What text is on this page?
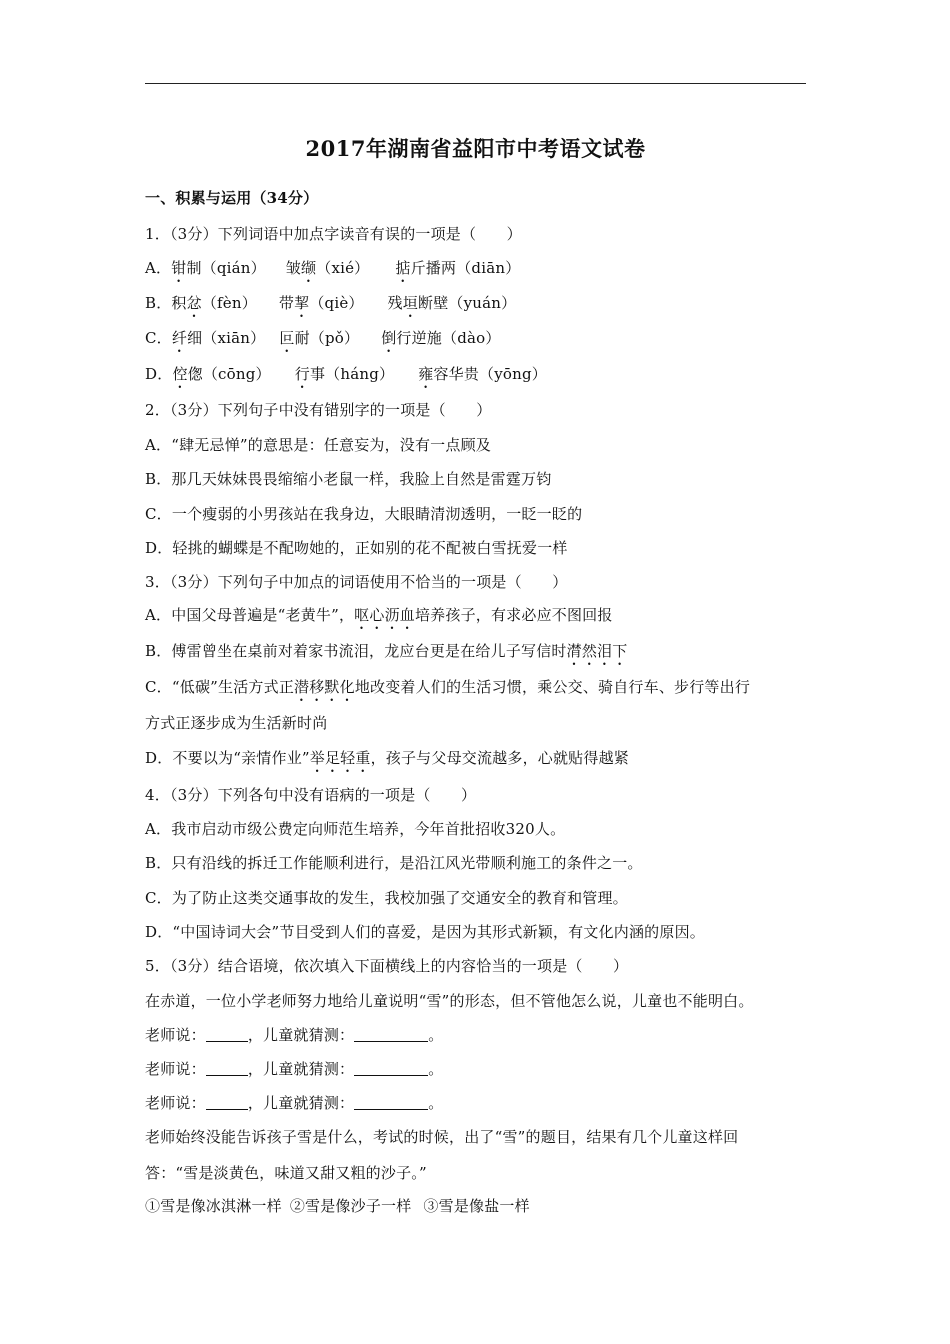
2017年湖南省益阳市中考语文试卷
一、积累与运用（34分）
1．（3分）下列词语中加点字读音有误的一项是（　　）
A．钳制（qián） 皱缬（xié） 掂斤播两（diān）
B．积忿（fèn） 带挈（qiè） 残垣断壁（yuán）
C．纤细（xiān） 叵耐（pǒ） 倒行逆施（dào）
D．倥偬（cōng） 行事（háng） 雍容华贵（yōng）
2．（3分）下列句子中没有错别字的一项是（　　）
A．“肆无忌惮”的意思是：任意妄为，没有一点顾及
B．那几天妹妹畏畏缩缩小老鼠一样，我脸上自然是雷霆万钧
C．一个瘦弱的小男孩站在我身边，大眼睛清沏透明，一眨一眨的
D．轻挑的蝴蝶是不配吻她的，正如别的花不配被白雪抚爱一样
3．（3分）下列句子中加点的词语使用不恰当的一项是（　　）
A．中国父母普遍是“老黄牛”，呕心沥血培养孩子，有求必应不图回报
B．傅雷曾坐在桌前对着家书流泪，龙应台更是在给儿子写信时潸然泪下
C．“低碳”生活方式正潜移默化地改变着人们的生活习惯，乘公交、骑自行车、步行等出行
方式正逐步成为生活新时尚
D．不要以为“亲情作业”举足轻重，孩子与父母交流越多，心就贴得越紧
4．（3分）下列各句中没有语病的一项是（　　）
A．我市启动市级公费定向师范生培养，今年首批招收320人。
B．只有沿线的拆迁工作能顺利进行，是沿江风光带顺利施工的条件之一。
C．为了防止这类交通事故的发生，我校加强了交通安全的教育和管理。
D．“中国诗词大会”节目受到人们的喜爱，是因为其形式新颖，有文化内涵的原因。
5．（3分）结合语境，依次填入下面横线上的内容恰当的一项是（　　）
在赤道，一位小学老师努力地给儿童说明“雪”的形态，但不管他怎么说，儿童也不能明白。
老师说：	，儿童就猜测：	。
老师说：	，儿童就猜测：	。
老师说：	，儿童就猜测：	。
老师始终没能告诉孩子雪是什么，考试的时候，出了“雪”的题目，结果有几个儿童这样回
答：“雪是淡黄色，味道又甜又粗的沙子。”
①雪是像冰淇淋一样 ②雪是像沙子一样 ③雪是像盐一样
